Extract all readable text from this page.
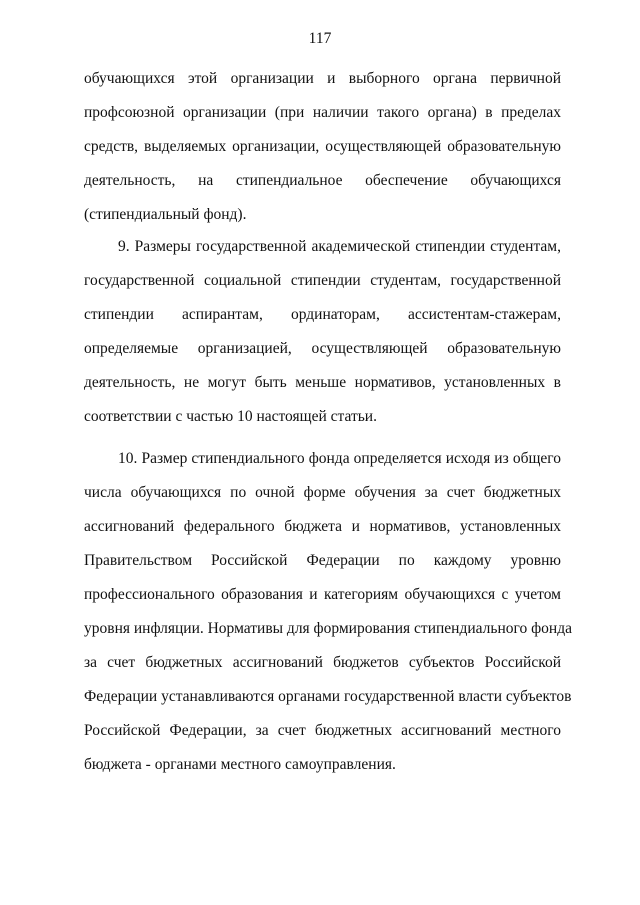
117
обучающихся этой организации и выборного органа первичной
профсоюзной организации (при наличии такого органа) в пределах
средств, выделяемых организации, осуществляющей образовательную
деятельность, на стипендиальное обеспечение обучающихся
(стипендиальный фонд).
9. Размеры государственной академической стипендии студентам,
государственной социальной стипендии студентам, государственной
стипендии аспирантам, ординаторам, ассистентам-стажерам,
определяемые организацией, осуществляющей образовательную
деятельность, не могут быть меньше нормативов, установленных в
соответствии с частью 10 настоящей статьи.
10. Размер стипендиального фонда определяется исходя из общего
числа обучающихся по очной форме обучения за счет бюджетных
ассигнований федерального бюджета и нормативов, установленных
Правительством Российской Федерации по каждому уровню
профессионального образования и категориям обучающихся с учетом
уровня инфляции. Нормативы для формирования стипендиального фонда
за счет бюджетных ассигнований бюджетов субъектов Российской
Федерации устанавливаются органами государственной власти субъектов
Российской Федерации, за счет бюджетных ассигнований местного
бюджета - органами местного самоуправления.
